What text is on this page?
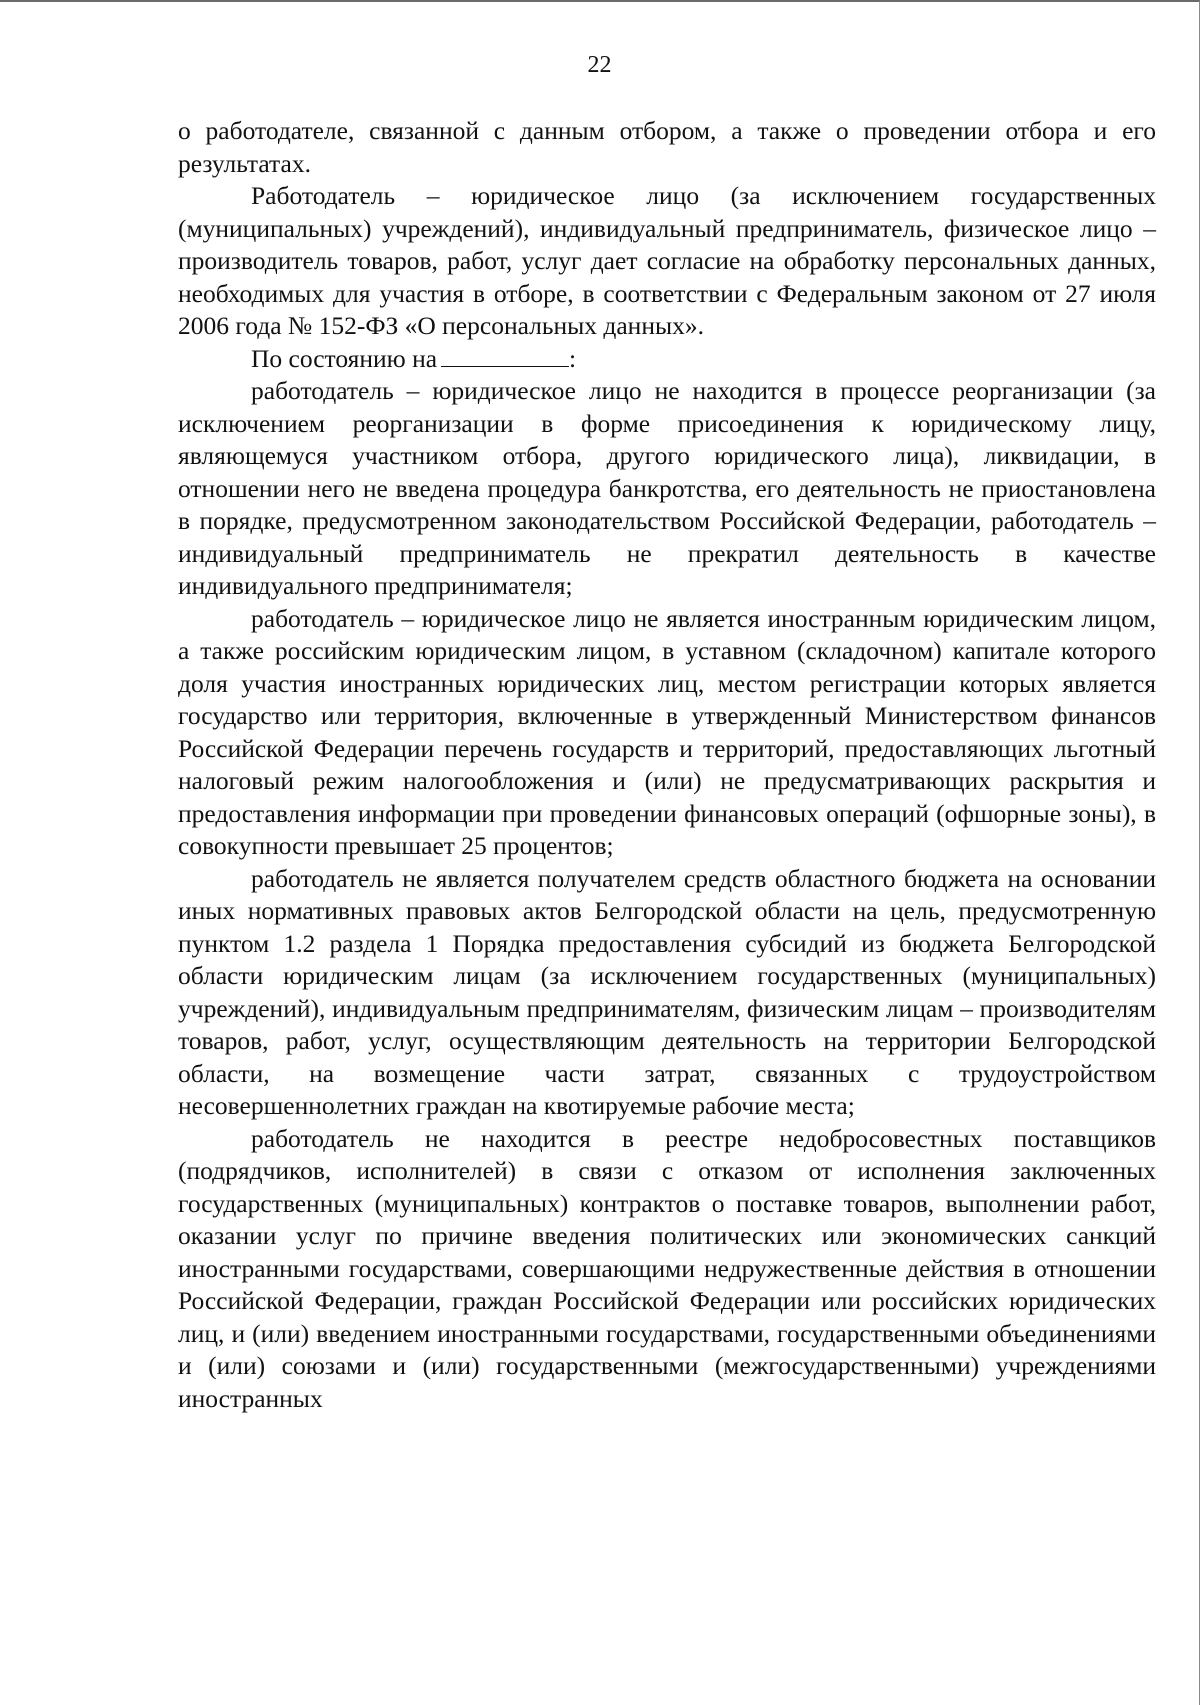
22

о работодателе, связанной с данным отбором, а также о проведении отбора и его результатах.

Работодатель – юридическое лицо (за исключением государственных (муниципальных) учреждений), индивидуальный предприниматель, физическое лицо – производитель товаров, работ, услуг дает согласие на обработку персональных данных, необходимых для участия в отборе, в соответствии с Федеральным законом от 27 июля 2006 года № 152-ФЗ «О персональных данных».

По состоянию на	:

работодатель – юридическое лицо не находится в процессе реорганизации (за исключением реорганизации в форме присоединения к юридическому лицу, являющемуся участником отбора, другого юридического лица), ликвидации, в отношении него не введена процедура банкротства, его деятельность не приостановлена в порядке, предусмотренном законодательством Российской Федерации, работодатель – индивидуальный предприниматель не прекратил деятельность в качестве индивидуального предпринимателя;

работодатель – юридическое лицо не является иностранным юридическим лицом, а также российским юридическим лицом, в уставном (складочном) капитале которого доля участия иностранных юридических лиц, местом регистрации которых является государство или территория, включенные в утвержденный Министерством финансов Российской Федерации перечень государств и территорий, предоставляющих льготный налоговый режим налогообложения и (или) не предусматривающих раскрытия и предоставления информации при проведении финансовых операций (офшорные зоны), в совокупности превышает 25 процентов;

работодатель не является получателем средств областного бюджета на основании иных нормативных правовых актов Белгородской области на цель, предусмотренную пунктом 1.2 раздела 1 Порядка предоставления субсидий из бюджета Белгородской области юридическим лицам (за исключением государственных (муниципальных) учреждений), индивидуальным предпринимателям, физическим лицам – производителям товаров, работ, услуг, осуществляющим деятельность на территории Белгородской области, на возмещение части затрат, связанных с трудоустройством несовершеннолетних граждан на квотируемые рабочие места;

работодатель не находится в реестре недобросовестных поставщиков (подрядчиков, исполнителей) в связи с отказом от исполнения заключенных государственных (муниципальных) контрактов о поставке товаров, выполнении работ, оказании услуг по причине введения политических или экономических санкций иностранными государствами, совершающими недружественные действия в отношении Российской Федерации, граждан Российской Федерации или российских юридических лиц, и (или) введением иностранными государствами, государственными объединениями и (или) союзами и (или) государственными (межгосударственными) учреждениями иностранных
